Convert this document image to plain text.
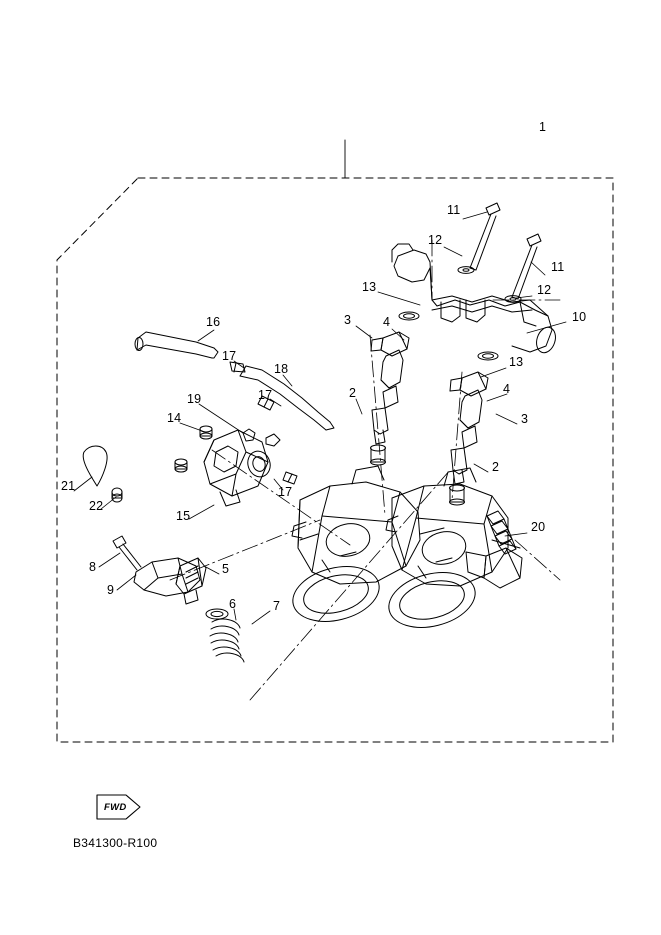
1
11
12
11
12
13
10
3	4
16
13
17
18
4
2
17
19
3
14
2
17
21
22
15
20
8	5
9
6	7
FWD
B341300-R100
